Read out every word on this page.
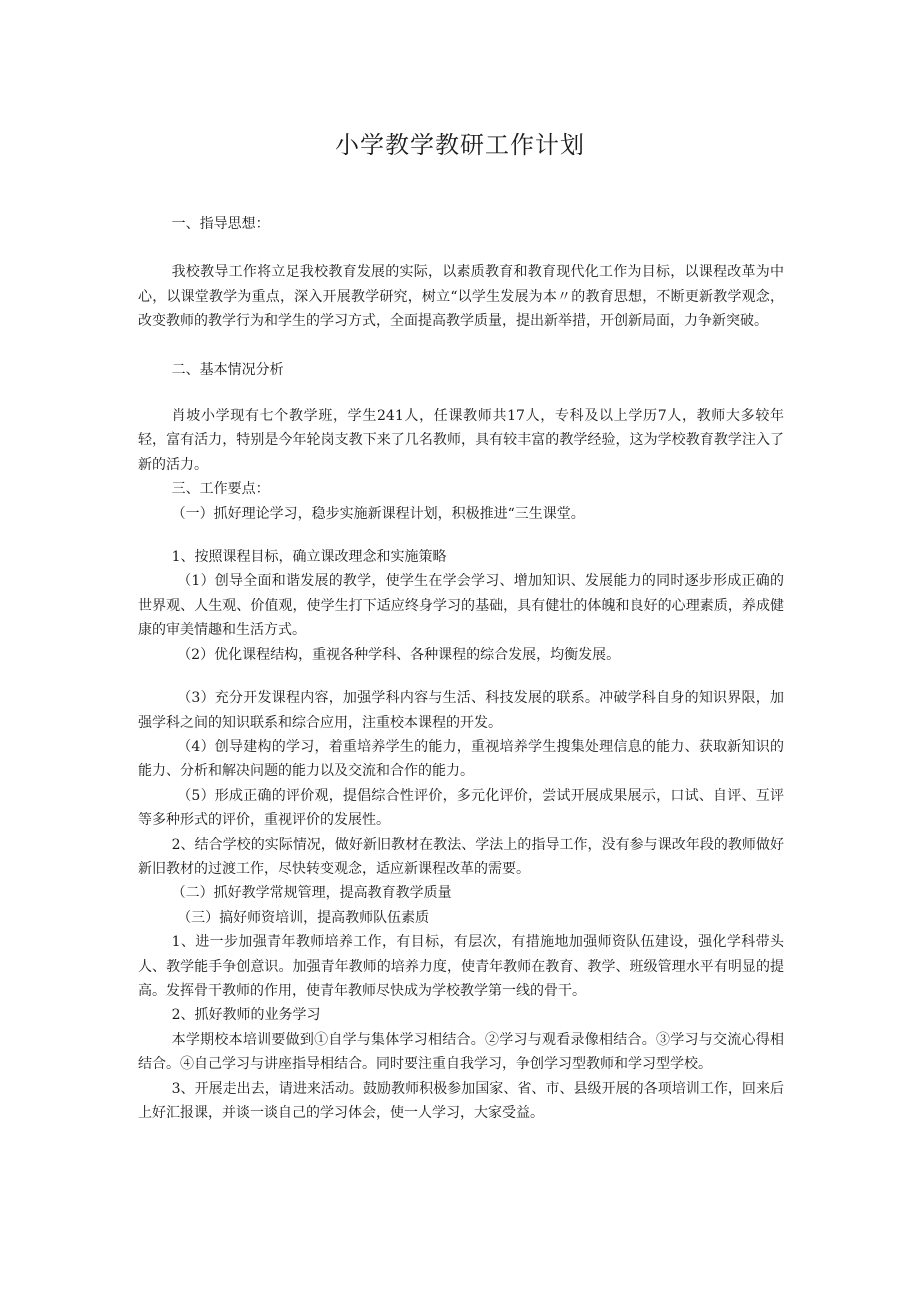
小学教学教研工作计划

一、指导思想：

我校教导工作将立足我校教育发展的实际，以素质教育和教育现代化工作为目标，以课程改革为中心，以课堂教学为重点，深入开展教学研究，树立“以学生发展为本〃的教育思想，不断更新教学观念，改变教师的教学行为和学生的学习方式，全面提高教学质量，提出新举措，开创新局面，力争新突破。

二、基本情况分析

肖坡小学现有七个教学班，学生241人，任课教师共17人，专科及以上学历7人，教师大多较年轻，富有活力，特别是今年轮岗支教下来了几名教师，具有较丰富的教学经验，这为学校教育教学注入了新的活力。

三、工作要点：

（一）抓好理论学习，稳步实施新课程计划，积极推进“三生课堂。

1、按照课程目标，确立课改理念和实施策略

（1）创导全面和谐发展的教学，使学生在学会学习、增加知识、发展能力的同时逐步形成正确的世界观、人生观、价值观，使学生打下适应终身学习的基础，具有健壮的体魄和良好的心理素质，养成健康的审美情趣和生活方式。

（2）优化课程结构，重视各种学科、各种课程的综合发展，均衡发展。

（3）充分开发课程内容，加强学科内容与生活、科技发展的联系。冲破学科自身的知识界限，加强学科之间的知识联系和综合应用，注重校本课程的开发。

（4）创导建构的学习，着重培养学生的能力，重视培养学生搜集处理信息的能力、获取新知识的能力、分析和解决问题的能力以及交流和合作的能力。

（5）形成正确的评价观，提倡综合性评价，多元化评价，尝试开展成果展示，口试、自评、互评等多种形式的评价，重视评价的发展性。

2、结合学校的实际情况，做好新旧教材在教法、学法上的指导工作，没有参与课改年段的教师做好新旧教材的过渡工作，尽快转变观念，适应新课程改革的需要。

（二）抓好教学常规管理，提高教育教学质量

（三）搞好师资培训，提高教师队伍素质

1、进一步加强青年教师培养工作，有目标，有层次，有措施地加强师资队伍建设，强化学科带头人、教学能手争创意识。加强青年教师的培养力度，使青年教师在教育、教学、班级管理水平有明显的提高。发挥骨干教师的作用，使青年教师尽快成为学校教学第一线的骨干。

2、抓好教师的业务学习

本学期校本培训要做到①自学与集体学习相结合。②学习与观看录像相结合。③学习与交流心得相结合。④自己学习与讲座指导相结合。同时要注重自我学习，争创学习型教师和学习型学校。

3、开展走出去，请进来活动。鼓励教师积极参加国家、省、市、县级开展的各项培训工作，回来后上好汇报课，并谈一谈自己的学习体会，使一人学习，大家受益。
